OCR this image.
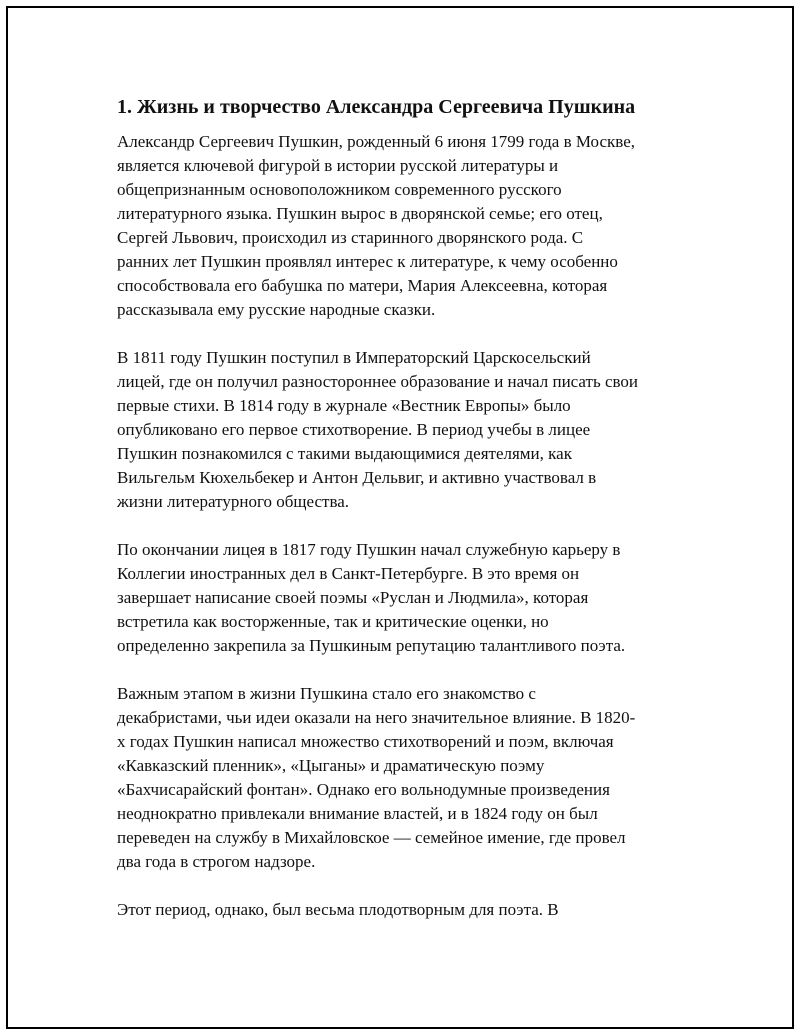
1. Жизнь и творчество Александра Сергеевича Пушкина

Александр Сергеевич Пушкин, рожденный 6 июня 1799 года в Москве,
является ключевой фигурой в истории русской литературы и
общепризнанным основоположником современного русского
литературного языка. Пушкин вырос в дворянской семье; его отец,
Сергей Львович, происходил из старинного дворянского рода. С
ранних лет Пушкин проявлял интерес к литературе, к чему особенно
способствовала его бабушка по матери, Мария Алексеевна, которая
рассказывала ему русские народные сказки.

В 1811 году Пушкин поступил в Императорский Царскосельский
лицей, где он получил разностороннее образование и начал писать свои
первые стихи. В 1814 году в журнале «Вестник Европы» было
опубликовано его первое стихотворение. В период учебы в лицее
Пушкин познакомился с такими выдающимися деятелями, как
Вильгельм Кюхельбекер и Антон Дельвиг, и активно участвовал в
жизни литературного общества.

По окончании лицея в 1817 году Пушкин начал служебную карьеру в
Коллегии иностранных дел в Санкт-Петербурге. В это время он
завершает написание своей поэмы «Руслан и Людмила», которая
встретила как восторженные, так и критические оценки, но
определенно закрепила за Пушкиным репутацию талантливого поэта.

Важным этапом в жизни Пушкина стало его знакомство с
декабристами, чьи идеи оказали на него значительное влияние. В 1820-
х годах Пушкин написал множество стихотворений и поэм, включая
«Кавказский пленник», «Цыганы» и драматическую поэму
«Бахчисарайский фонтан». Однако его вольнодумные произведения
неоднократно привлекали внимание властей, и в 1824 году он был
переведен на службу в Михайловское — семейное имение, где провел
два года в строгом надзоре.

Этот период, однако, был весьма плодотворным для поэта. В
